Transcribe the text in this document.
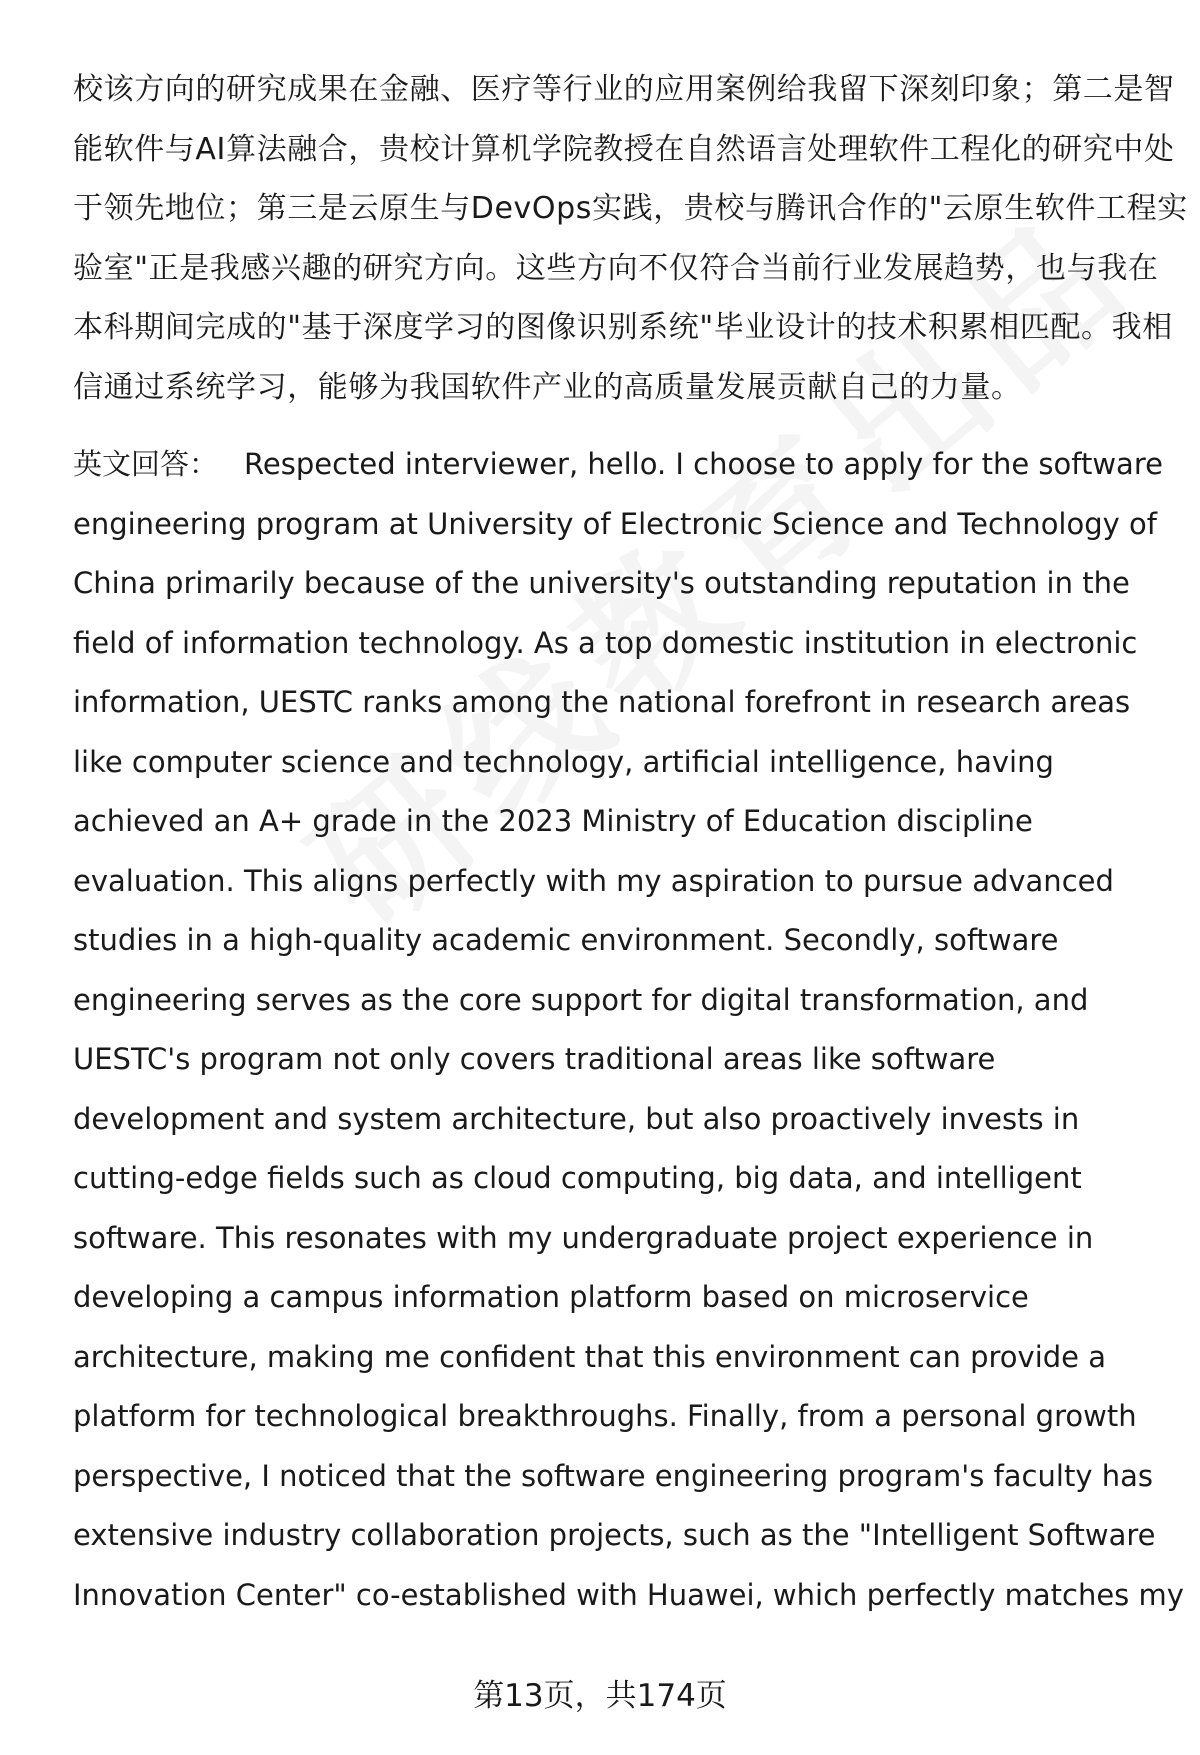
校该方向的研究成果在金融、医疗等行业的应用案例给我留下深刻印象；第二是智
能软件与AI算法融合，贵校计算机学院教授在自然语言处理软件工程化的研究中处
于领先地位；第三是云原生与DevOps实践，贵校与腾讯合作的"云原生软件工程实
验室"正是我感兴趣的研究方向。这些方向不仅符合当前行业发展趋势，也与我在
本科期间完成的"基于深度学习的图像识别系统"毕业设计的技术积累相匹配。我相
信通过系统学习，能够为我国软件产业的高质量发展贡献自己的力量。
英文回答： Respected interviewer, hello. I choose to apply for the software
engineering program at University of Electronic Science and Technology of
China primarily because of the university's outstanding reputation in the
field of information technology. As a top domestic institution in electronic
information, UESTC ranks among the national forefront in research areas
like computer science and technology, artificial intelligence, having
achieved an A+ grade in the 2023 Ministry of Education discipline
evaluation. This aligns perfectly with my aspiration to pursue advanced
studies in a high-quality academic environment. Secondly, software
engineering serves as the core support for digital transformation, and
UESTC's program not only covers traditional areas like software
development and system architecture, but also proactively invests in
cutting-edge fields such as cloud computing, big data, and intelligent
software. This resonates with my undergraduate project experience in
developing a campus information platform based on microservice
architecture, making me confident that this environment can provide a
platform for technological breakthroughs. Finally, from a personal growth
perspective, I noticed that the software engineering program's faculty has
extensive industry collaboration projects, such as the "Intelligent Software
Innovation Center" co-established with Huawei, which perfectly matches my
第13页，共174页
